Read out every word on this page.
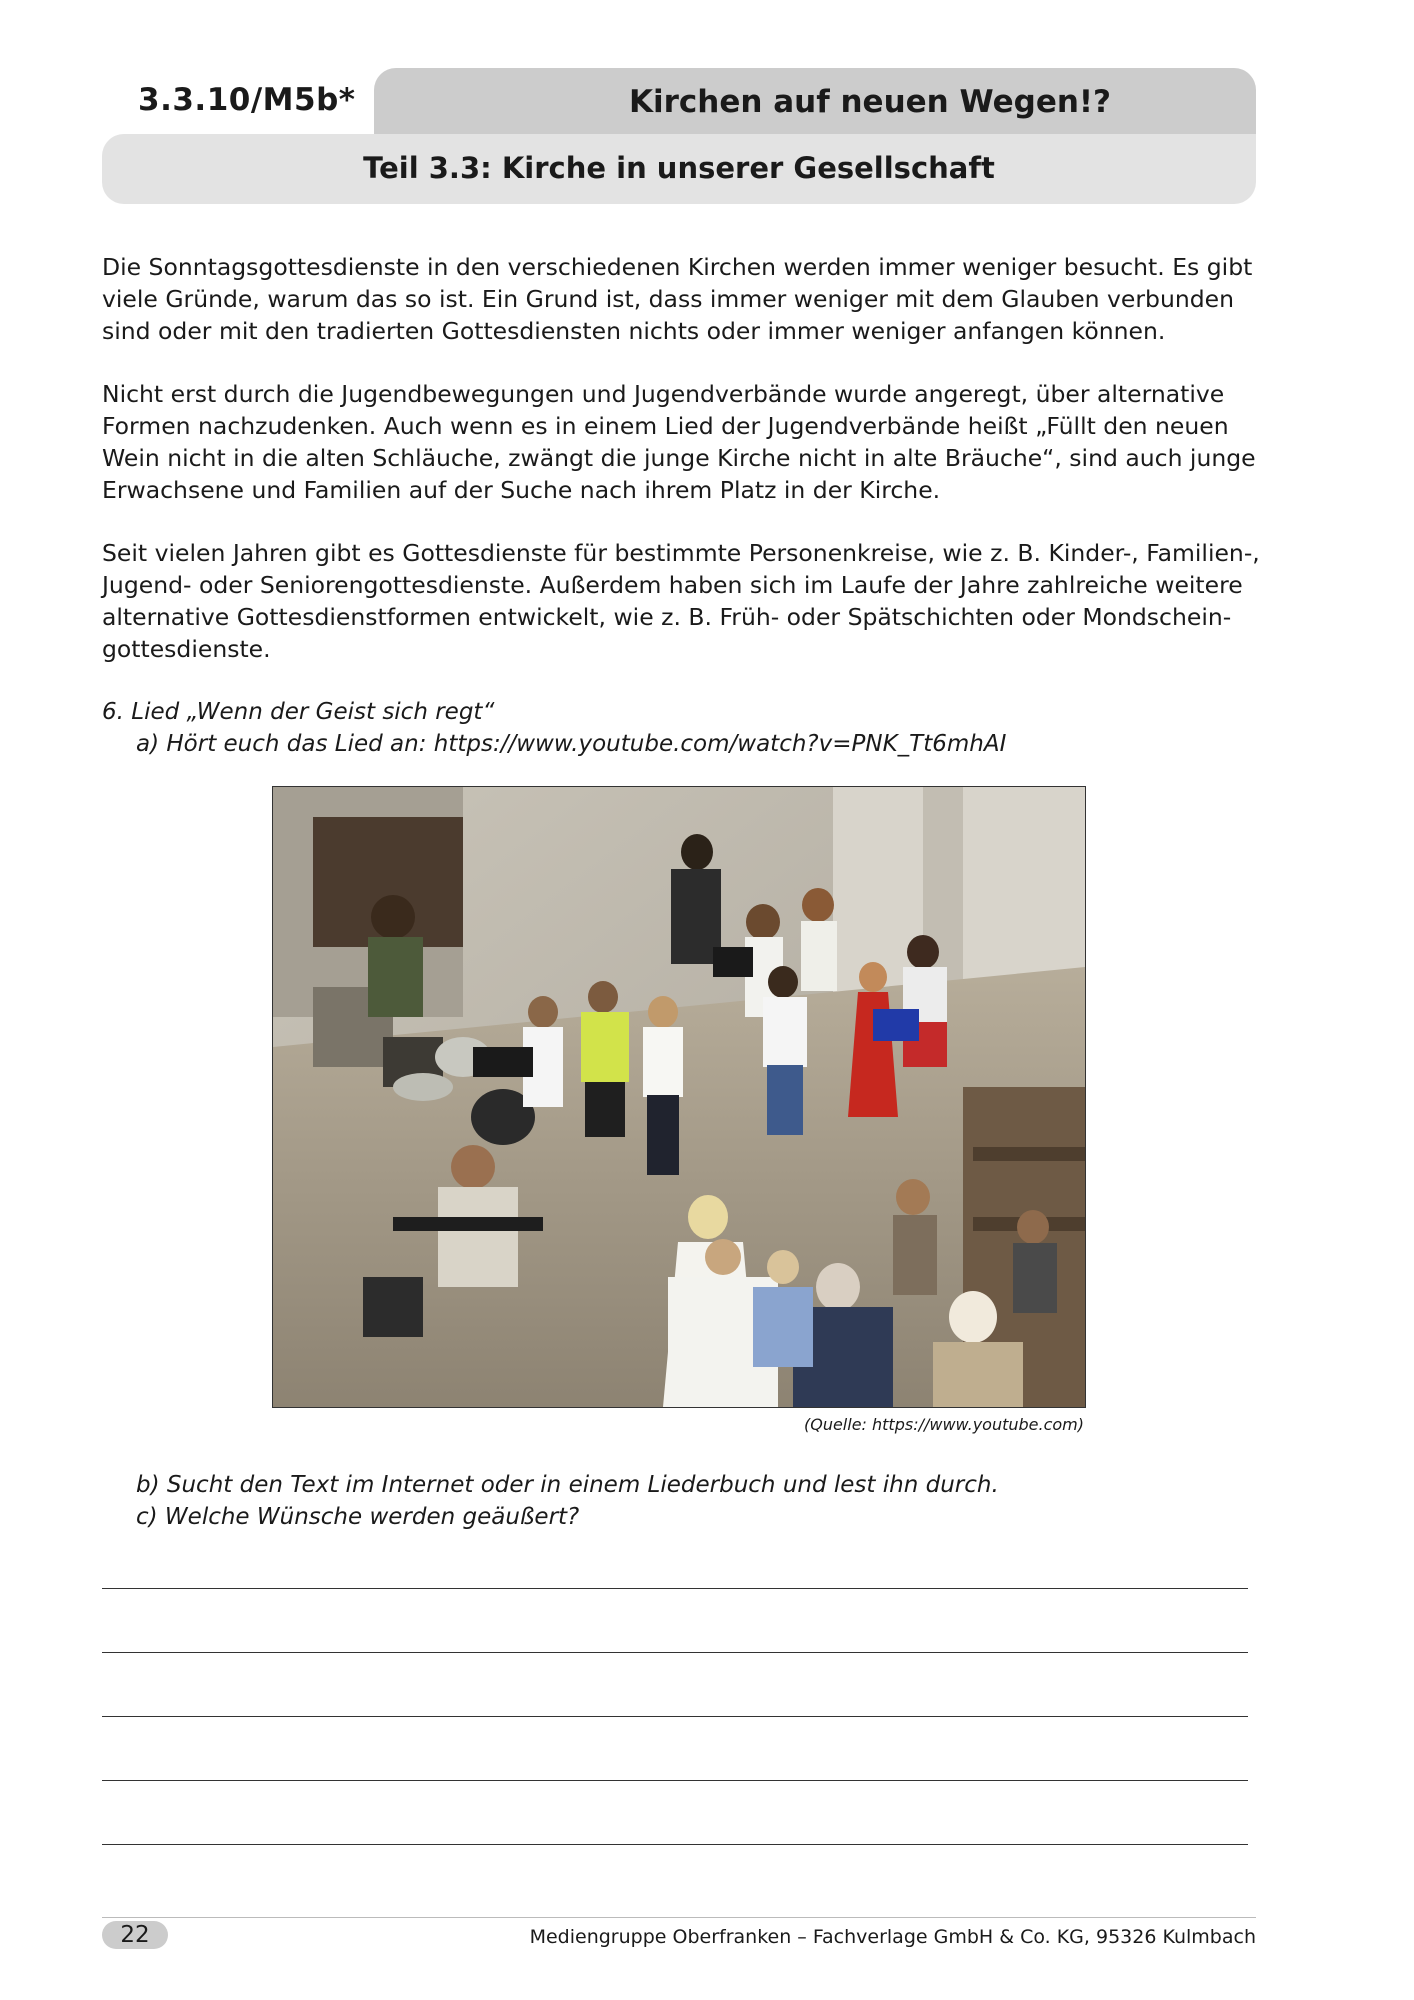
3.3.10/M5b*	Kirchen auf neuen Wegen!?
Teil 3.3: Kirche in unserer Gesellschaft

Die Sonntagsgottesdienste in den verschiedenen Kirchen werden immer weniger besucht. Es gibt viele Gründe, warum das so ist. Ein Grund ist, dass immer weniger mit dem Glauben verbunden sind oder mit den tradierten Gottesdiensten nichts oder immer weniger anfangen können.

Nicht erst durch die Jugendbewegungen und Jugendverbände wurde angeregt, über alternative Formen nachzudenken. Auch wenn es in einem Lied der Jugendverbände heißt „Füllt den neuen Wein nicht in die alten Schläuche, zwängt die junge Kirche nicht in alte Bräuche“, sind auch junge Erwachsene und Familien auf der Suche nach ihrem Platz in der Kirche.

Seit vielen Jahren gibt es Gottesdienste für bestimmte Personenkreise, wie z. B. Kinder-, Familien-, Jugend- oder Seniorengottesdienste. Außerdem haben sich im Laufe der Jahre zahlreiche weitere alternative Gottesdienstformen entwickelt, wie z. B. Früh- oder Spätschichten oder Mondschein-gottesdienste.

6. Lied „Wenn der Geist sich regt“
a) Hört euch das Lied an: https://www.youtube.com/watch?v=PNK_Tt6mhAI
(Quelle: https://www.youtube.com)
b) Sucht den Text im Internet oder in einem Liederbuch und lest ihn durch.
c) Welche Wünsche werden geäußert?
22	Mediengruppe Oberfranken – Fachverlage GmbH & Co. KG, 95326 Kulmbach
